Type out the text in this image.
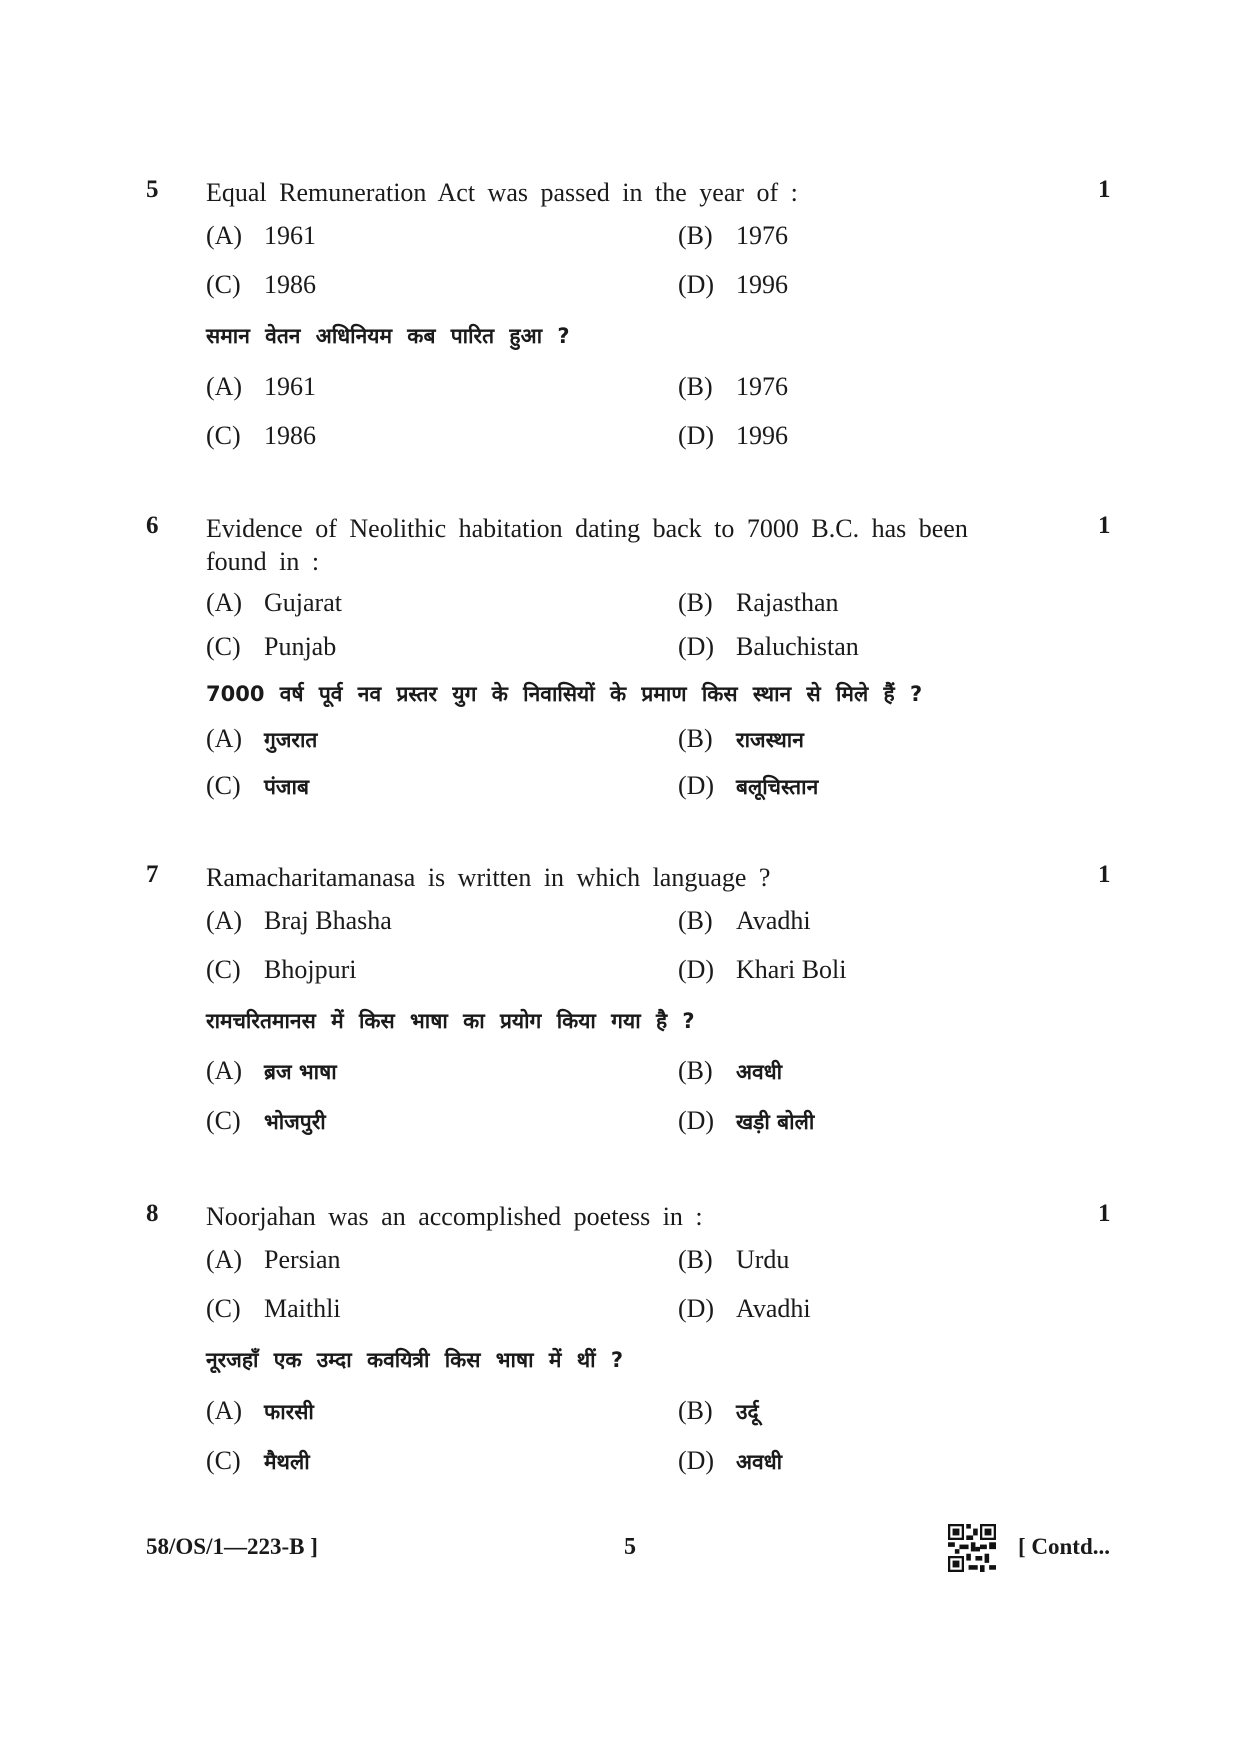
5 Equal Remuneration Act was passed in the year of :	1
(A) 1961	(B) 1976
(C) 1986	(D) 1996
समान वेतन अधिनियम कब पारित हुआ ?
(A) 1961	(B) 1976
(C) 1986	(D) 1996
6 Evidence of Neolithic habitation dating back to 7000 B.C. has been found in :
1
(A) Gujarat	(B) Rajasthan
(C) Punjab	(D) Baluchistan
7000 वर्ष पूर्व नव प्रस्तर युग के निवासियों के प्रमाण किस स्थान से मिले हैं ?
(A) गुजरात	(B) राजस्थान
(C) पंजाब	(D) बलूचिस्तान
7 Ramacharitamanasa is written in which language ?	1
(A) Braj Bhasha	(B) Avadhi
(C) Bhojpuri	(D) Khari Boli
रामचरितमानस में किस भाषा का प्रयोग किया गया है ?
(A) ब्रज भाषा	(B) अवधी
(C) भोजपुरी	(D) खड़ी बोली
8 Noorjahan was an accomplished poetess in :	1
(A) Persian	(B) Urdu
(C) Maithli	(D) Avadhi
नूरजहाँ एक उम्दा कवयित्री किस भाषा में थीं ?
(A) फारसी	(B) उर्दू
(C) मैथली	(D) अवधी
58/OS/1—223-B ]	5	[ Contd...
